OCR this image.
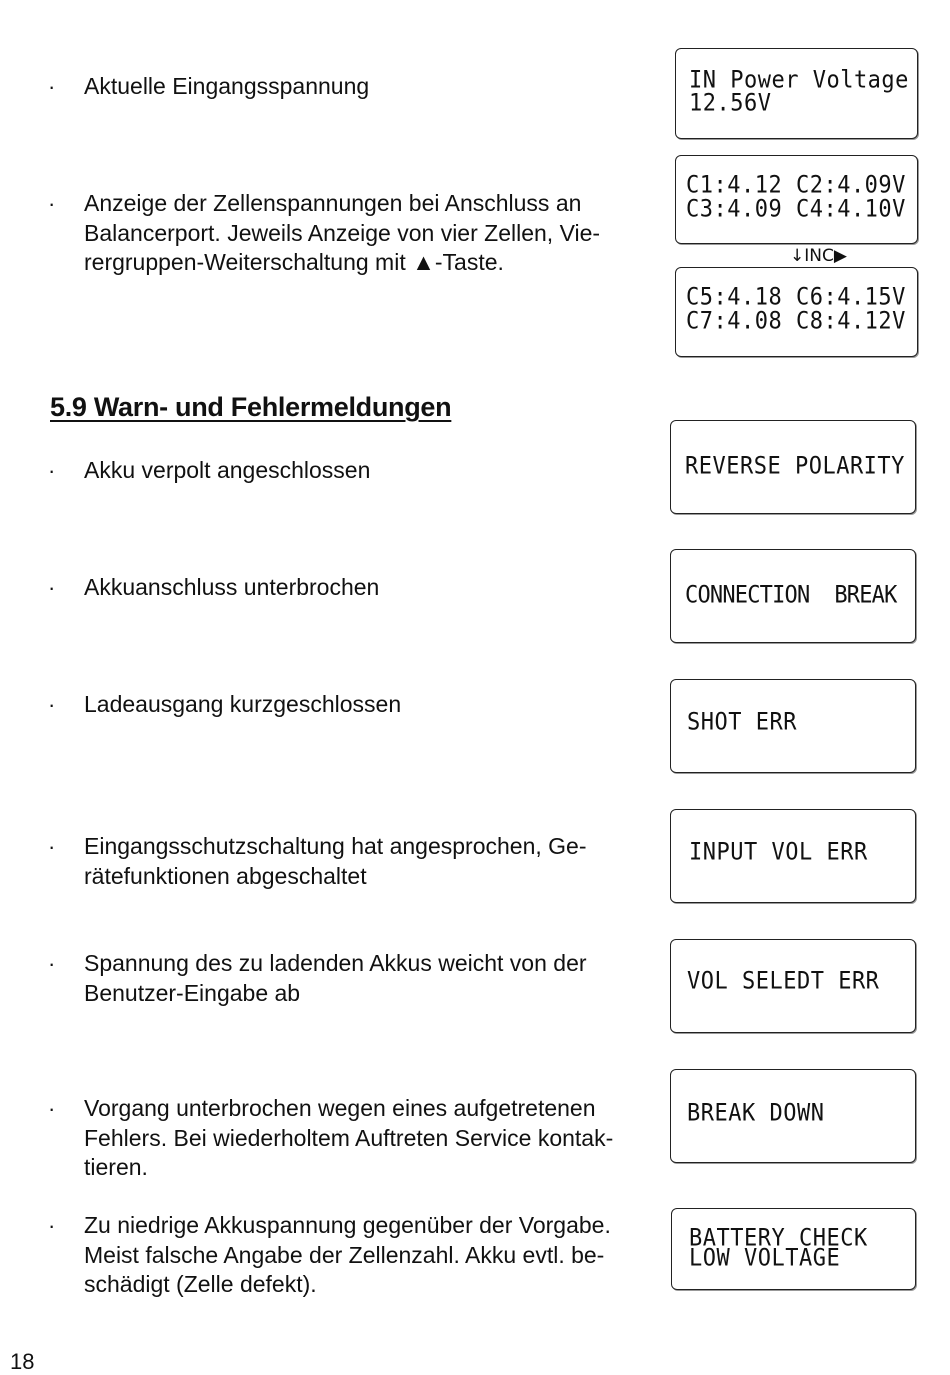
· Aktuelle Eingangsspannung	IN Power Voltage
12.56V
· Anzeige der Zellenspannungen bei Anschluss an
Balancerport. Jeweils Anzeige von vier Zellen, Vie-
rergruppen-Weiterschaltung mit ▲-Taste.
C1:4.12 C2:4.09V
C3:4.09 C4:4.10V
↓INC▶
C5:4.18 C6:4.15V
C7:4.08 C8:4.12V
5.9 Warn- und Fehlermeldungen
· Akku verpolt angeschlossen	REVERSE POLARITY
· Akkuanschluss unterbrochen	CONNECTION  BREAK
· Ladeausgang kurzgeschlossen
SHOT ERR
· Eingangsschutzschaltung hat angesprochen, Ge-
rätefunktionen abgeschaltet
INPUT VOL ERR
· Spannung des zu ladenden Akkus weicht von der
Benutzer-Eingabe ab	VOL SELEDT ERR
· Vorgang unterbrochen wegen eines aufgetretenen
Fehlers. Bei wiederholtem Auftreten Service kontak-
tieren.
BREAK DOWN
· Zu niedrige Akkuspannung gegenüber der Vorgabe.
Meist falsche Angabe der Zellenzahl. Akku evtl. be-
schädigt (Zelle defekt).
BATTERY CHECK
LOW VOLTAGE
18
